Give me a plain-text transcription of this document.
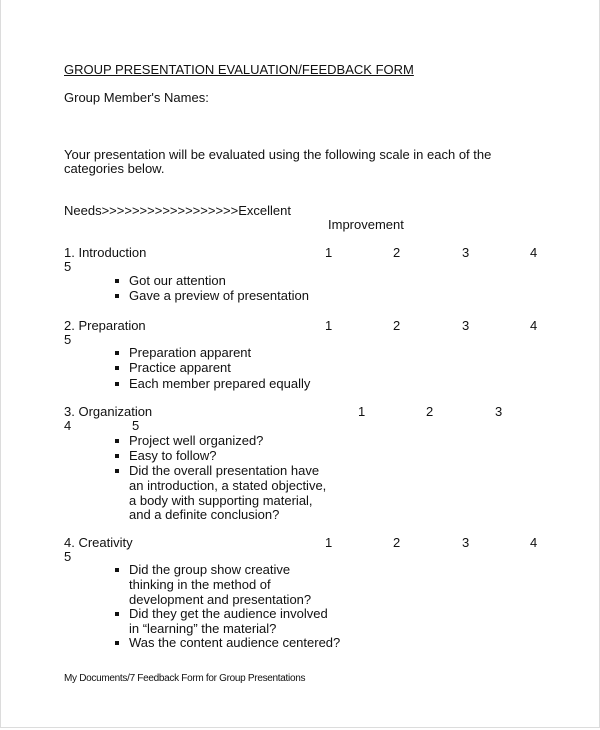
GROUP PRESENTATION EVALUATION/FEEDBACK FORM
Group Member's Names:
Your presentation will be evaluated using the following scale in each of the
categories below.
Needs>>>>>>>>>>>>>>>>>>Excellent
Improvement
1. Introduction	1	2	3	4
5
Got our attention
Gave a preview of presentation
2. Preparation	1	2	3	4
5
Preparation apparent
Practice apparent
Each member prepared equally
3. Organization	1	2	3
4	5
Project well organized?
Easy to follow?
Did the overall presentation have
an introduction, a stated objective,
a body with supporting material,
and a definite conclusion?
4. Creativity	1	2	3	4
5
Did the group show creative
thinking in the method of
development and presentation?
Did they get the audience involved
in “learning” the material?
Was the content audience centered?
My Documents/7 Feedback Form for Group Presentations
